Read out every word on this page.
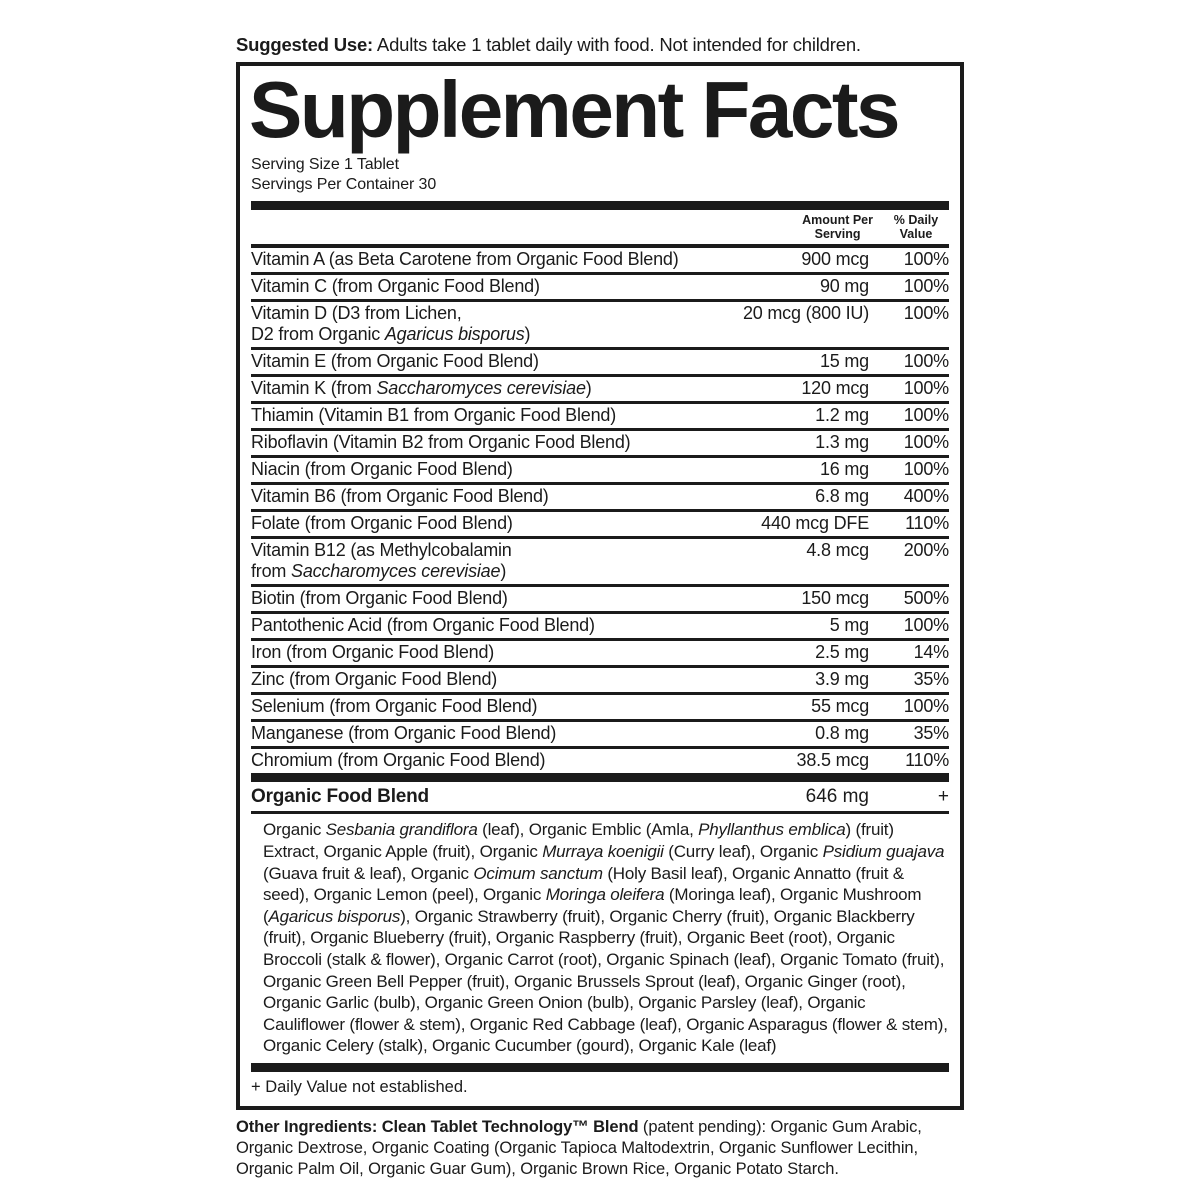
Suggested Use: Adults take 1 tablet daily with food. Not intended for children.

Supplement Facts
Serving Size 1 Tablet
Servings Per Container 30
Amount Per
Serving
% Daily
Value
Vitamin A (as Beta Carotene from Organic Food Blend)	900 mcg	100%
Vitamin C (from Organic Food Blend)	90 mg	100%
Vitamin D (D3 from Lichen,
D2 from Organic Agaricus bisporus)
20 mcg (800 IU)	100%
Vitamin E (from Organic Food Blend)	15 mg	100%
Vitamin K (from Saccharomyces cerevisiae)	120 mcg	100%
Thiamin (Vitamin B1 from Organic Food Blend)	1.2 mg	100%
Riboflavin (Vitamin B2 from Organic Food Blend)	1.3 mg	100%
Niacin (from Organic Food Blend)	16 mg	100%
Vitamin B6 (from Organic Food Blend)	6.8 mg	400%
Folate (from Organic Food Blend)	440 mcg DFE	110%
Vitamin B12 (as Methylcobalamin
from Saccharomyces cerevisiae)
4.8 mcg	200%
Biotin (from Organic Food Blend)	150 mcg	500%
Pantothenic Acid (from Organic Food Blend)	5 mg	100%
Iron (from Organic Food Blend)	2.5 mg	14%
Zinc (from Organic Food Blend)	3.9 mg	35%
Selenium (from Organic Food Blend)	55 mcg	100%
Manganese (from Organic Food Blend)	0.8 mg	35%
Chromium (from Organic Food Blend)	38.5 mcg	110%
Organic Food Blend	646 mg	+

Organic Sesbania grandiflora (leaf), Organic Emblic (Amla, Phyllanthus emblica) (fruit) Extract, Organic Apple (fruit), Organic Murraya koenigii (Curry leaf), Organic Psidium guajava (Guava fruit & leaf), Organic Ocimum sanctum (Holy Basil leaf), Organic Annatto (fruit & seed), Organic Lemon (peel), Organic Moringa oleifera (Moringa leaf), Organic Mushroom (Agaricus bisporus), Organic Strawberry (fruit), Organic Cherry (fruit), Organic Blackberry (fruit), Organic Blueberry (fruit), Organic Raspberry (fruit), Organic Beet (root), Organic Broccoli (stalk & flower), Organic Carrot (root), Organic Spinach (leaf), Organic Tomato (fruit), Organic Green Bell Pepper (fruit), Organic Brussels Sprout (leaf), Organic Ginger (root), Organic Garlic (bulb), Organic Green Onion (bulb), Organic Parsley (leaf), Organic Cauliflower (flower & stem), Organic Red Cabbage (leaf), Organic Asparagus (flower & stem), Organic Celery (stalk), Organic Cucumber (gourd), Organic Kale (leaf)

+ Daily Value not established.

Other Ingredients: Clean Tablet Technology™ Blend (patent pending): Organic Gum Arabic, Organic Dextrose, Organic Coating (Organic Tapioca Maltodextrin, Organic Sunflower Lecithin, Organic Palm Oil, Organic Guar Gum), Organic Brown Rice, Organic Potato Starch.
